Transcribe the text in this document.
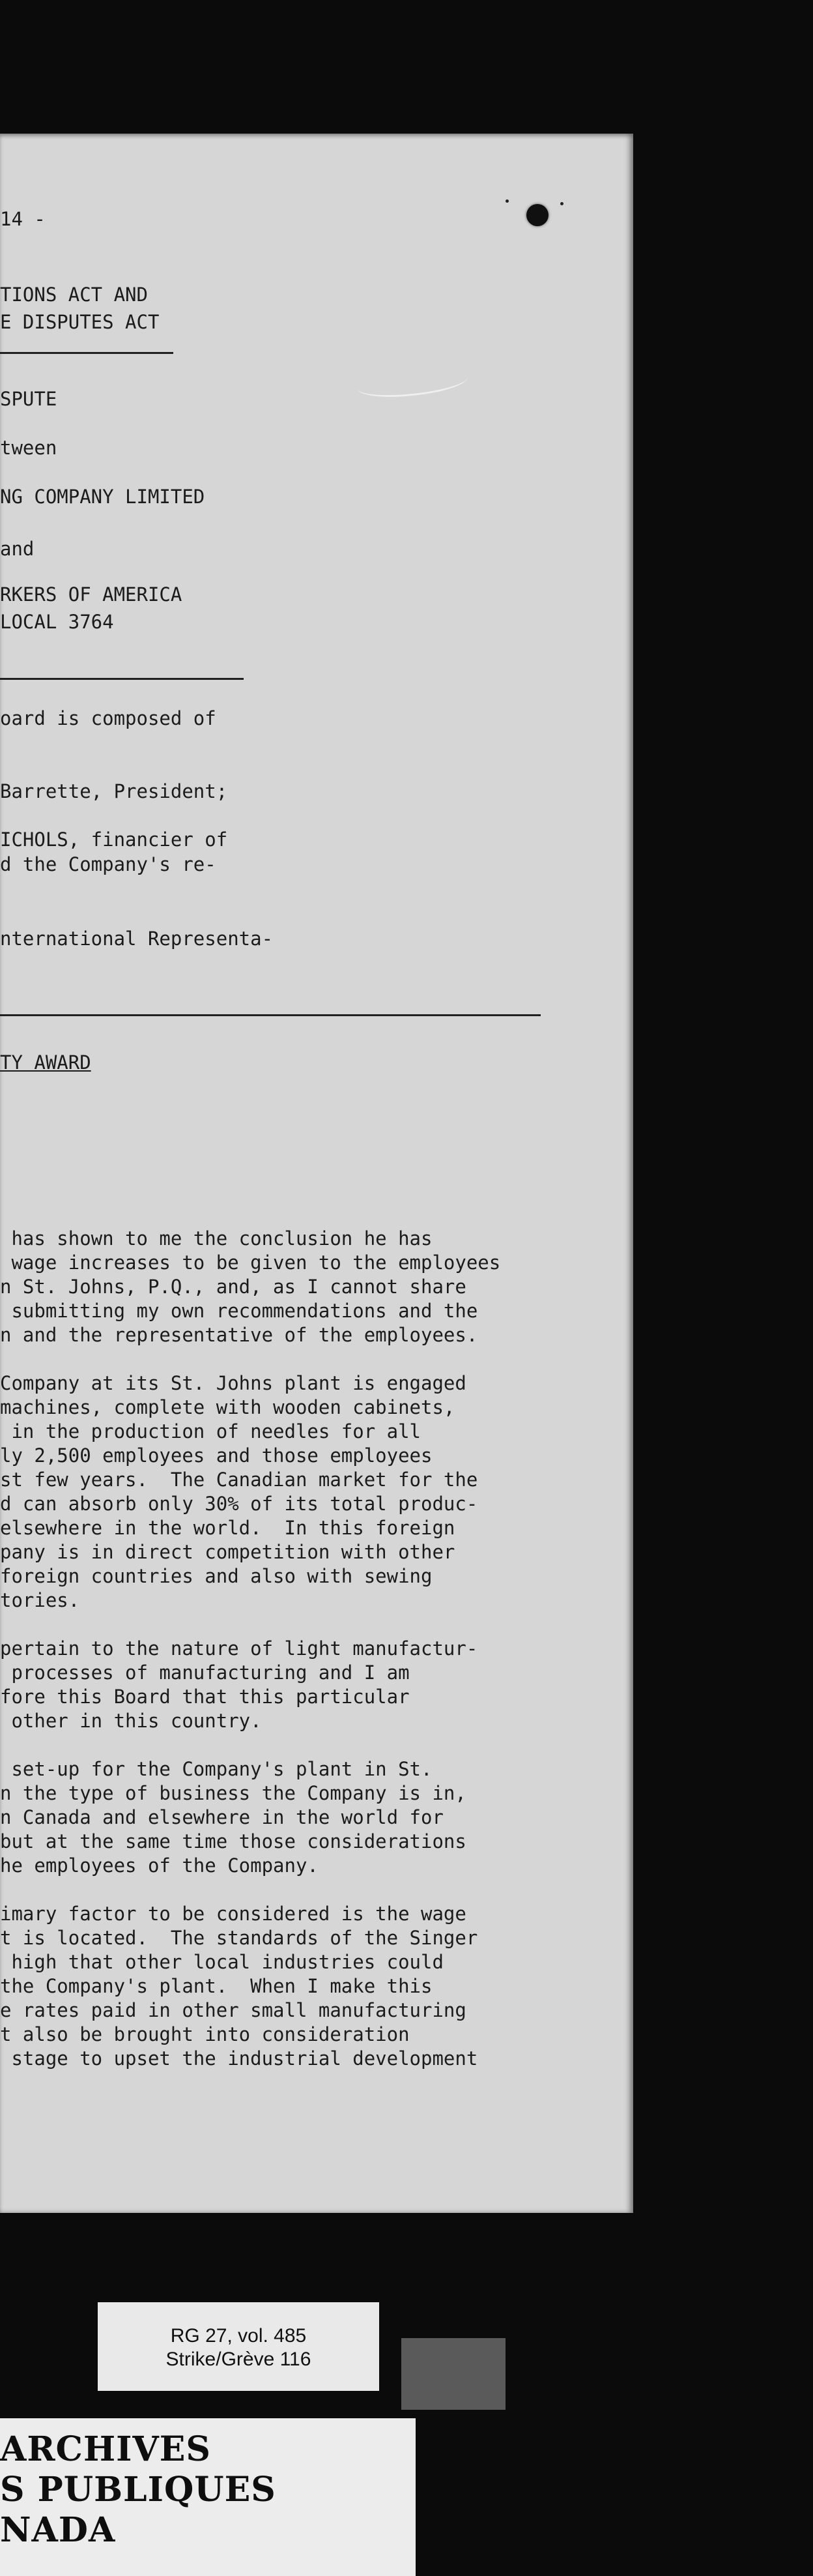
14 -

TIONS ACT AND

E DISPUTES ACT

SPUTE

tween

NG COMPANY LIMITED

and

RKERS OF AMERICA

LOCAL 3764

oard is composed of

Barrette, President;

ICHOLS, financier of

d the Company's re-

nternational Representa-

TY AWARD

has shown to me the conclusion he has

wage increases to be given to the employees

n St. Johns, P.Q., and, as I cannot share

submitting my own recommendations and the

n and the representative of the employees.

Company at its St. Johns plant is engaged

machines, complete with wooden cabinets,

in the production of needles for all

ly 2,500 employees and those employees

st few years.  The Canadian market for the

d can absorb only 30% of its total produc-

elsewhere in the world.  In this foreign

pany is in direct competition with other

foreign countries and also with sewing

tories.

pertain to the nature of light manufactur-

processes of manufacturing and I am

fore this Board that this particular

other in this country.

set-up for the Company's plant in St.

n the type of business the Company is in,

n Canada and elsewhere in the world for

but at the same time those considerations

he employees of the Company.

imary factor to be considered is the wage

t is located.  The standards of the Singer

high that other local industries could

the Company's plant.  When I make this

e rates paid in other small manufacturing

t also be brought into consideration

stage to upset the industrial development

RG 27, vol. 485
Strike/Grève 116

ARCHIVES

S PUBLIQUES

NADA
